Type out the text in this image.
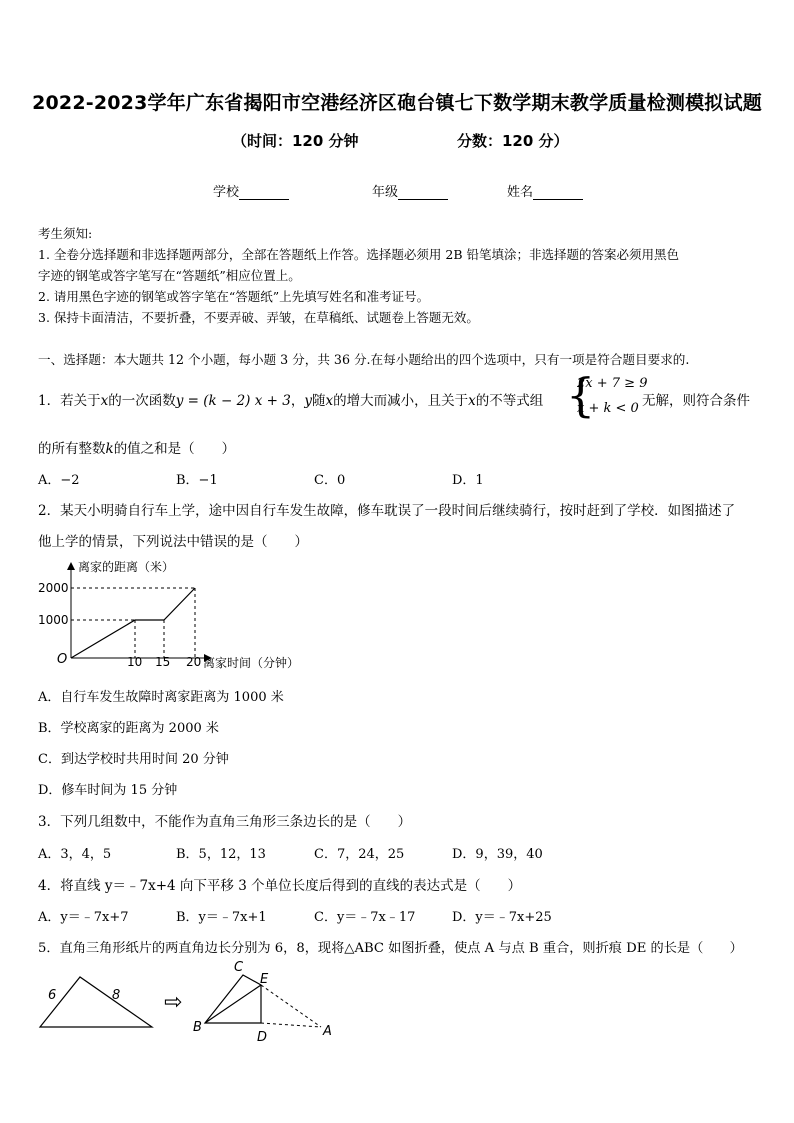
2022-2023学年广东省揭阳市空港经济区砲台镇七下数学期末教学质量检测模拟试题
（时间：120 分钟	分数：120 分）
学校	年级	姓名
考生须知:
1. 全卷分选择题和非选择题两部分，全部在答题纸上作答。选择题必须用 2B 铅笔填涂；非选择题的答案必须用黑色
字迹的钢笔或答字笔写在“答题纸”相应位置上。
2. 请用黑色字迹的钢笔或答字笔在“答题纸”上先填写姓名和准考证号。
3. 保持卡面清洁，不要折叠，不要弄破、弄皱，在草稿纸、试题卷上答题无效。
一、选择题：本大题共 12 个小题，每小题 3 分，共 36 分.在每小题给出的四个选项中，只有一项是符合题目要求的.
1．若关于x的一次函数y = (k − 2) x + 3，y随x的增大而减小，且关于x的不等式组 {
2x + 7 ≥ 9
x + k < 0 无解，则符合条件
的所有整数k的值之和是（　　）
A．−2	B．−1	C．0	D．1
2．某天小明骑自行车上学，途中因自行车发生故障，修车耽误了一段时间后继续骑行，按时赶到了学校．如图描述了
他上学的情景，下列说法中错误的是（　　）
离家的距离（米）
2000
1000
O	10 15 20 离家时间（分钟）
A．自行车发生故障时离家距离为 1000 米
B．学校离家的距离为 2000 米
C．到达学校时共用时间 20 分钟
D．修车时间为 15 分钟
3．下列几组数中，不能作为直角三角形三条边长的是（　　）
A．3，4，5	B．5，12，13	C．7，24，25	D．9，39，40
4．将直线 y＝﹣7x+4 向下平移 3 个单位长度后得到的直线的表达式是（　　）
A．y＝﹣7x+7	B．y＝﹣7x+1	C．y＝﹣7x﹣17	D．y＝﹣7x+25
5．直角三角形纸片的两直角边长分别为 6，8，现将△ABC 如图折叠，使点 A 与点 B 重合，则折痕 DE 的长是（　　）
6	8 ⇨
C
E
B
D	A
